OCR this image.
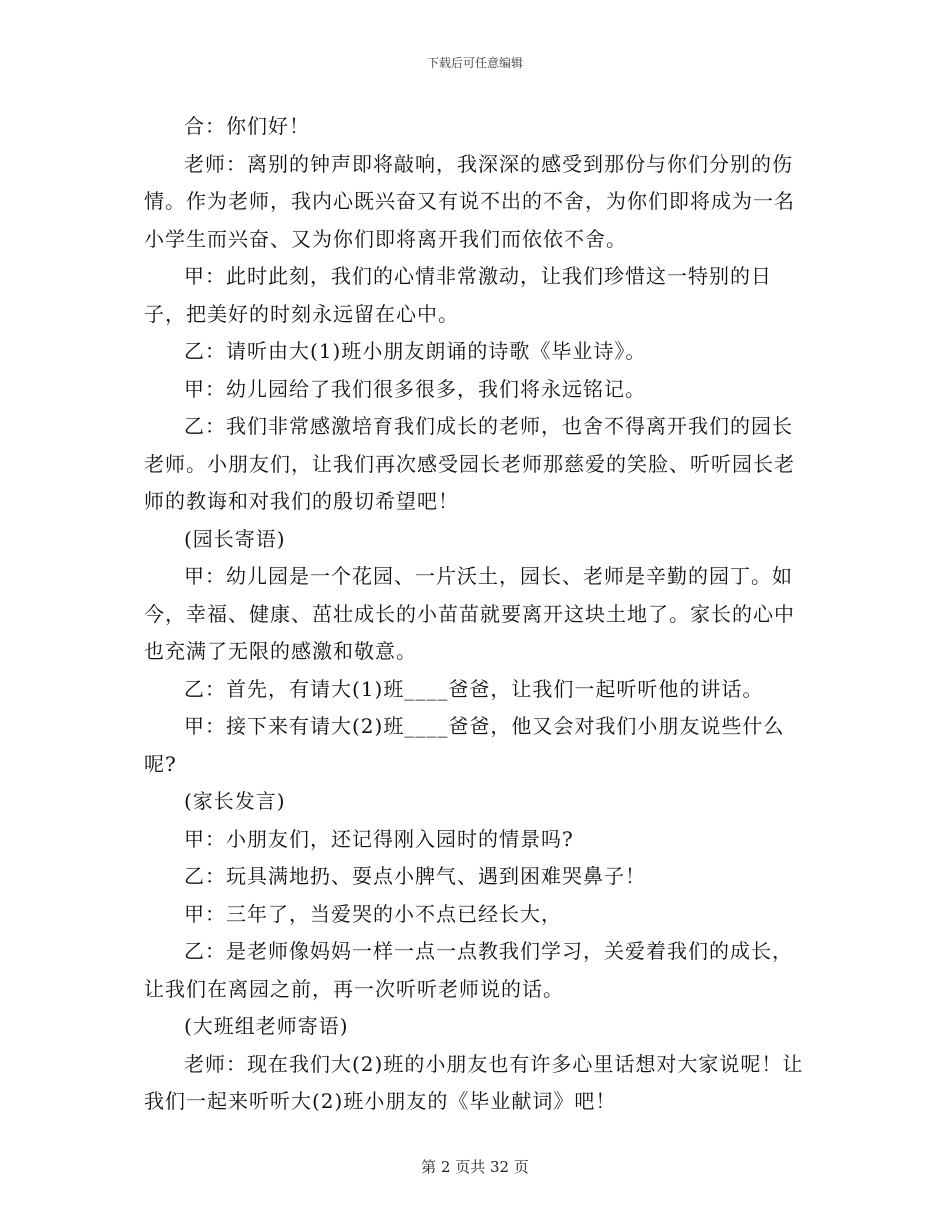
下载后可任意编辑

合：你们好！

老师：离别的钟声即将敲响，我深深的感受到那份与你们分别的伤情。作为老师，我内心既兴奋又有说不出的不舍，为你们即将成为一名小学生而兴奋、又为你们即将离开我们而依依不舍。

甲：此时此刻，我们的心情非常激动，让我们珍惜这一特别的日子，把美好的时刻永远留在心中。

乙：请听由大(1)班小朋友朗诵的诗歌《毕业诗》。

甲：幼儿园给了我们很多很多，我们将永远铭记。

乙：我们非常感激培育我们成长的老师，也舍不得离开我们的园长老师。小朋友们，让我们再次感受园长老师那慈爱的笑脸、听听园长老师的教诲和对我们的殷切希望吧！

(园长寄语)

甲：幼儿园是一个花园、一片沃土，园长、老师是辛勤的园丁。如今，幸福、健康、茁壮成长的小苗苗就要离开这块土地了。家长的心中也充满了无限的感激和敬意。

乙：首先，有请大(1)班____爸爸，让我们一起听听他的讲话。

甲：接下来有请大(2)班____爸爸，他又会对我们小朋友说些什么呢?

(家长发言)

甲：小朋友们，还记得刚入园时的情景吗?

乙：玩具满地扔、耍点小脾气、遇到困难哭鼻子！

甲：三年了，当爱哭的小不点已经长大，

乙：是老师像妈妈一样一点一点教我们学习，关爱着我们的成长，让我们在离园之前，再一次听听老师说的话。

(大班组老师寄语)

老师：现在我们大(2)班的小朋友也有许多心里话想对大家说呢！让我们一起来听听大(2)班小朋友的《毕业献词》吧！

第 2 页共 32 页
